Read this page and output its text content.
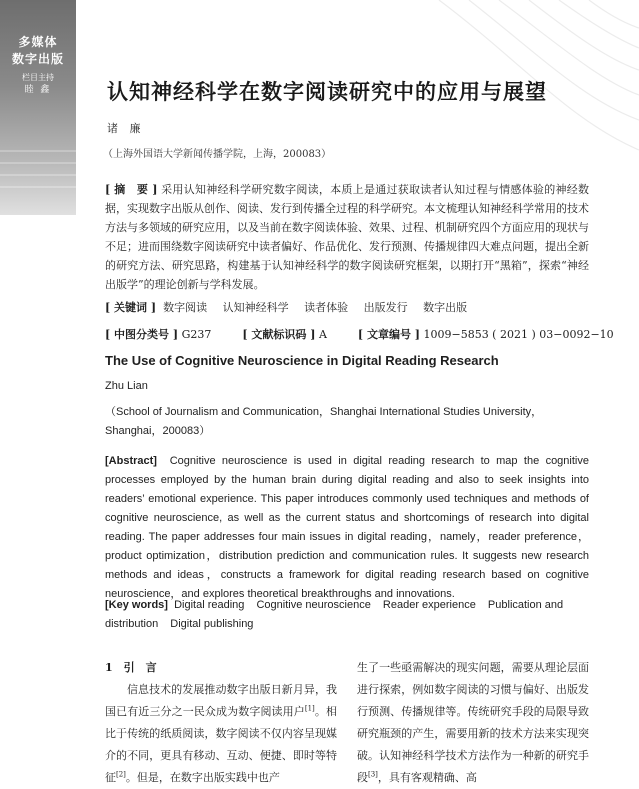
多媒体
数字出版
栏目主持
睦 鑫	认知神经科学在数字阅读研究中的应用与展望
诸 廉
（上海外国语大学新闻传播学院，上海，200083）
[ 摘　要 ] 采用认知神经科学研究数字阅读，本质上是通过获取读者认知过程与情感体验的神经数据，实现数字出版从创作、阅读、发行到传播全过程的科学研究。本文梳理认知神经科学常用的技术方法与多领域的研究应用，以及当前在数字阅读体验、效果、过程、机制研究四个方面应用的现状与不足；进而围绕数字阅读研究中读者偏好、作品优化、发行预测、传播规律四大难点问题，提出全新的研究方法、研究思路，构建基于认知神经科学的数字阅读研究框架，以期打开“黑箱”，探索“神经出版学”的理论创新与学科发展。
[ 关键词 ] 数字阅读 认知神经科学 读者体验 出版发行 数字出版
[ 中图分类号 ] G237	[ 文献标识码 ] A	[ 文章编号 ] 1009−5853 ( 2021 ) 03−0092−10
The Use of Cognitive Neuroscience in Digital Reading Research
Zhu Lian
（School of Journalism and Communication，Shanghai International Studies University，Shanghai，200083）
[Abstract] Cognitive neuroscience is used in digital reading research to map the cognitive processes employed by the human brain during digital reading and also to seek insights into readers’ emotional experience. This paper introduces commonly used techniques and methods of cognitive neuroscience, as well as the current status and shortcomings of research into digital reading. The paper addresses four main issues in digital reading，namely，reader preference，product optimization，distribution prediction and communication rules. It suggests new research methods and ideas，constructs a framework for digital reading research based on cognitive neuroscience，and explores theoretical breakthroughs and innovations.
[Key words] Digital reading Cognitive neuroscience Reader experience Publication and distribution Digital publishing
1　引　言
信息技术的发展推动数字出版日新月异，我国已有近三分之一民众成为数字阅读用户[1]。相比于传统的纸质阅读，数字阅读不仅内容呈现媒介的不同，更具有移动、互动、便捷、即时等特征[2]。但是，在数字出版实践中也产
生了一些亟需解决的现实问题，需要从理论层面进行探索，例如数字阅读的习惯与偏好、出版发行预测、传播规律等。传统研究手段的局限导致研究瓶颈的产生，需要用新的技术方法来实现突破。认知神经科学技术方法作为一种新的研究手段[3]，具有客观精确、高
